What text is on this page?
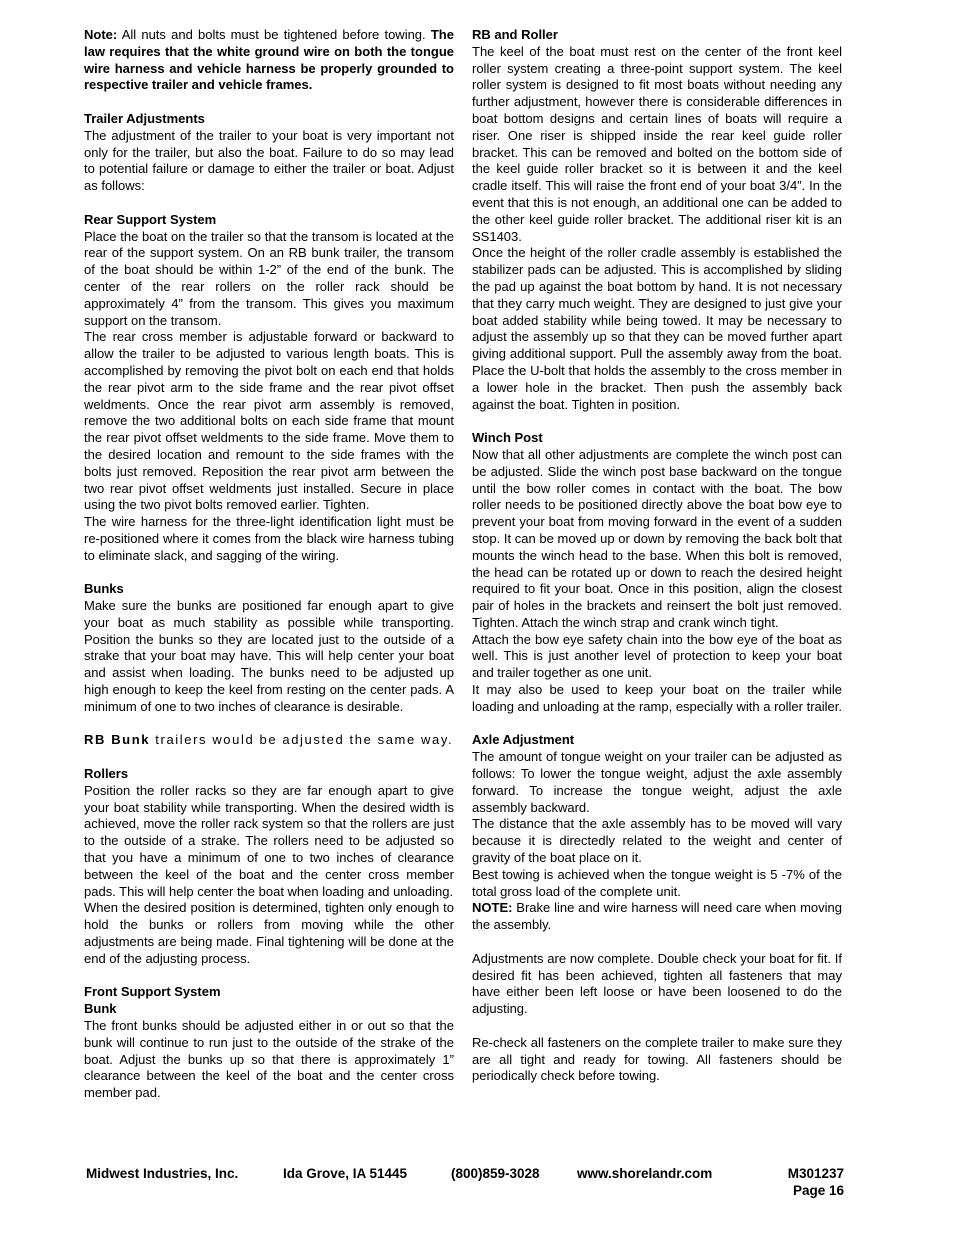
Note: All nuts and bolts must be tightened before towing. The law requires that the white ground wire on both the tongue wire harness and vehicle harness be properly grounded to respective trailer and vehicle frames.

Trailer Adjustments

The adjustment of the trailer to your boat is very important not only for the trailer, but also the boat. Failure to do so may lead to potential failure or damage to either the trailer or boat. Adjust as follows:

Rear Support System

Place the boat on the trailer so that the transom is located at the rear of the support system. On an RB bunk trailer, the transom of the boat should be within 1-2” of the end of the bunk. The center of the rear rollers on the roller rack should be approximately 4” from the transom. This gives you maximum support on the transom.

The rear cross member is adjustable forward or backward to allow the trailer to be adjusted to various length boats. This is accomplished by removing the pivot bolt on each end that holds the rear pivot arm to the side frame and the rear pivot offset weldments. Once the rear pivot arm assembly is removed, remove the two additional bolts on each side frame that mount the rear pivot offset weldments to the side frame. Move them to the desired location and remount to the side frames with the bolts just removed. Reposition the rear pivot arm between the two rear pivot offset weldments just installed. Secure in place using the two pivot bolts removed earlier. Tighten.

The wire harness for the three-light identification light must be re-positioned where it comes from the black wire harness tubing to eliminate slack, and sagging of the wiring.

Bunks

Make sure the bunks are positioned far enough apart to give your boat as much stability as possible while transporting. Position the bunks so they are located just to the outside of a strake that your boat may have. This will help center your boat and assist when loading. The bunks need to be adjusted up high enough to keep the keel from resting on the center pads. A minimum of one to two inches of clearance is desirable.

RB Bunk trailers would be adjusted the same way.

Rollers

Position the roller racks so they are far enough apart to give your boat stability while transporting. When the desired width is achieved, move the roller rack system so that the rollers are just to the outside of a strake. The rollers need to be adjusted so that you have a minimum of one to two inches of clearance between the keel of the boat and the center cross member pads. This will help center the boat when loading and unloading.

When the desired position is determined, tighten only enough to hold the bunks or rollers from moving while the other adjustments are being made. Final tightening will be done at the end of the adjusting process.

Front Support System

Bunk

The front bunks should be adjusted either in or out so that the bunk will continue to run just to the outside of the strake of the boat. Adjust the bunks up so that there is approximately 1” clearance between the keel of the boat and the center cross member pad.

RB and Roller

The keel of the boat must rest on the center of the front keel roller system creating a three-point support system. The keel roller system is designed to fit most boats without needing any further adjustment, however there is considerable differences in boat bottom designs and certain lines of boats will require a riser. One riser is shipped inside the rear keel guide roller bracket. This can be removed and bolted on the bottom side of the keel guide roller bracket so it is between it and the keel cradle itself. This will raise the front end of your boat 3/4”. In the event that this is not enough, an additional one can be added to the other keel guide roller bracket. The additional riser kit is an SS1403.

Once the height of the roller cradle assembly is established the stabilizer pads can be adjusted. This is accomplished by sliding the pad up against the boat bottom by hand. It is not necessary that they carry much weight. They are designed to just give your boat added stability while being towed. It may be necessary to adjust the assembly up so that they can be moved further apart giving additional support. Pull the assembly away from the boat. Place the U-bolt that holds the assembly to the cross member in a lower hole in the bracket. Then push the assembly back against the boat. Tighten in position.

Winch Post

Now that all other adjustments are complete the winch post can be adjusted. Slide the winch post base backward on the tongue until the bow roller comes in contact with the boat. The bow roller needs to be positioned directly above the boat bow eye to prevent your boat from moving forward in the event of a sudden stop. It can be moved up or down by removing the back bolt that mounts the winch head to the base. When this bolt is removed, the head can be rotated up or down to reach the desired height required to fit your boat. Once in this position, align the closest pair of holes in the brackets and reinsert the bolt just removed. Tighten. Attach the winch strap and crank winch tight.

Attach the bow eye safety chain into the bow eye of the boat as well. This is just another level of protection to keep your boat and trailer together as one unit.

It may also be used to keep your boat on the trailer while loading and unloading at the ramp, especially with a roller trailer.

Axle Adjustment

The amount of tongue weight on your trailer can be adjusted as follows: To lower the tongue weight, adjust the axle assembly forward. To increase the tongue weight, adjust the axle assembly backward.

The distance that the axle assembly has to be moved will vary because it is directedly related to the weight and center of gravity of the boat place on it.

Best towing is achieved when the tongue weight is 5 -7% of the total gross load of the complete unit.

NOTE: Brake line and wire harness will need care when moving the assembly.

Adjustments are now complete. Double check your boat for fit. If desired fit has been achieved, tighten all fasteners that may have either been left loose or have been loosened to do the adjusting.

Re-check all fasteners on the complete trailer to make sure they are all tight and ready for towing. All fasteners should be periodically check before towing.

Midwest Industries, Inc.	Ida Grove, IA 51445	(800)859-3028	www.shorelandr.com	M301237
Page 16
